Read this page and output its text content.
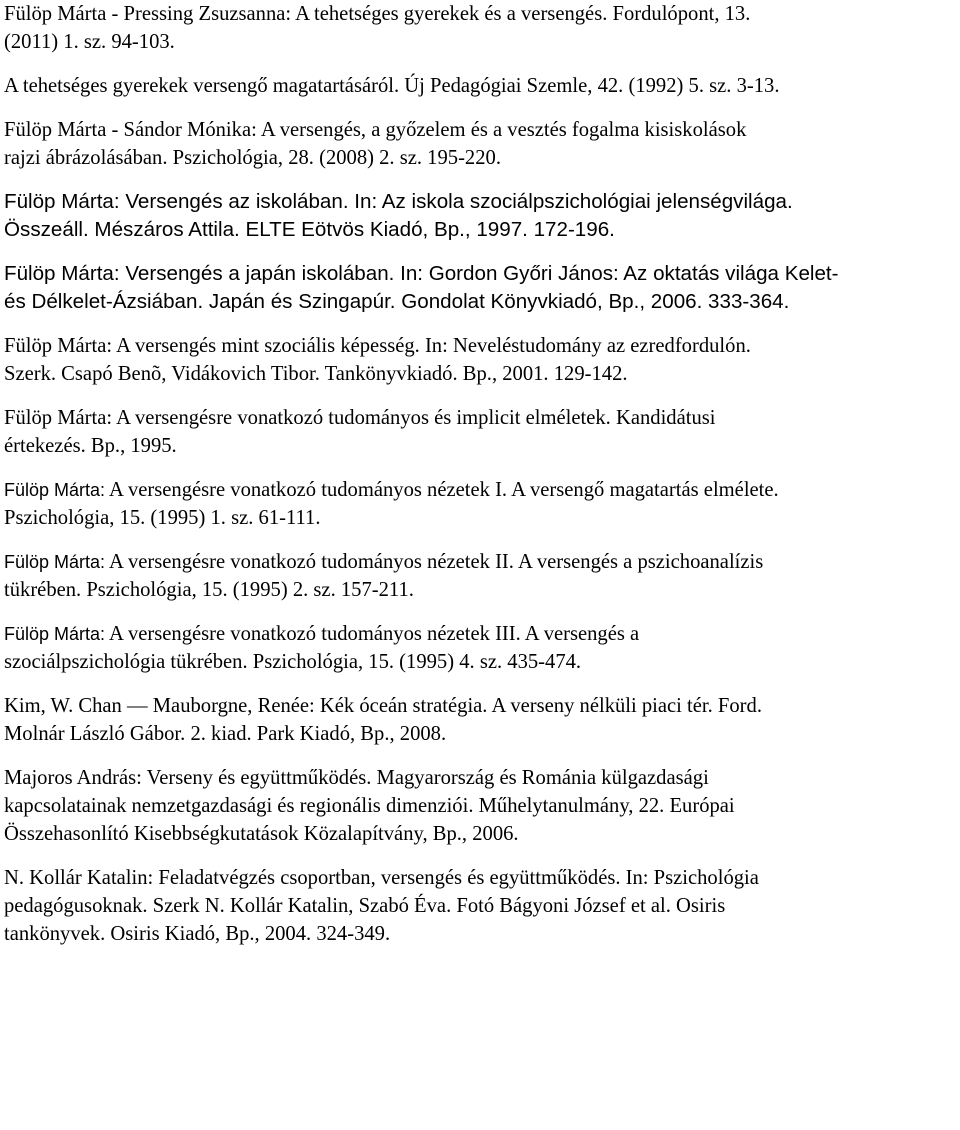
Fülöp Márta - Pressing Zsuzsanna: A tehetséges gyerekek és a versengés. Fordulópont, 13.
(2011) 1. sz. 94-103.

A tehetséges gyerekek versengő magatartásáról. Új Pedagógiai Szemle, 42. (1992) 5. sz. 3-13.

Fülöp Márta - Sándor Mónika: A versengés, a győzelem és a vesztés fogalma kisiskolások
rajzi ábrázolásában. Pszichológia, 28. (2008) 2. sz. 195-220.

Fülöp Márta: Versengés az iskolában. In: Az iskola szociálpszichológiai jelenségvilága.
Összeáll. Mészáros Attila. ELTE Eötvös Kiadó, Bp., 1997. 172-196.

Fülöp Márta: Versengés a japán iskolában. In: Gordon Győri János: Az oktatás világa Kelet-
és Délkelet-Ázsiában. Japán és Szingapúr. Gondolat Könyvkiadó, Bp., 2006. 333-364.

Fülöp Márta: A versengés mint szociális képesség. In: Neveléstudomány az ezredfordulón.
Szerk. Csapó Benõ, Vidákovich Tibor. Tankönyvkiadó. Bp., 2001. 129-142.

Fülöp Márta: A versengésre vonatkozó tudományos és implicit elméletek. Kandidátusi
értekezés. Bp., 1995.

Fülöp Márta: A versengésre vonatkozó tudományos nézetek I. A versengő magatartás elmélete.
Pszichológia, 15. (1995) 1. sz. 61-111.

Fülöp Márta: A versengésre vonatkozó tudományos nézetek II. A versengés a pszichoanalízis
tükrében. Pszichológia, 15. (1995) 2. sz. 157-211.

Fülöp Márta: A versengésre vonatkozó tudományos nézetek III. A versengés a
szociálpszichológia tükrében. Pszichológia, 15. (1995) 4. sz. 435-474.

Kim, W. Chan — Mauborgne, Renée: Kék óceán stratégia. A verseny nélküli piaci tér. Ford.
Molnár László Gábor. 2. kiad. Park Kiadó, Bp., 2008.

Majoros András: Verseny és együttműködés. Magyarország és Románia külgazdasági
kapcsolatainak nemzetgazdasági és regionális dimenziói. Műhelytanulmány, 22. Európai
Összehasonlító Kisebbségkutatások Közalapítvány, Bp., 2006.

N. Kollár Katalin: Feladatvégzés csoportban, versengés és együttműködés. In: Pszichológia
pedagógusoknak. Szerk N. Kollár Katalin, Szabó Éva. Fotó Bágyoni József et al. Osiris
tankönyvek. Osiris Kiadó, Bp., 2004. 324-349.
